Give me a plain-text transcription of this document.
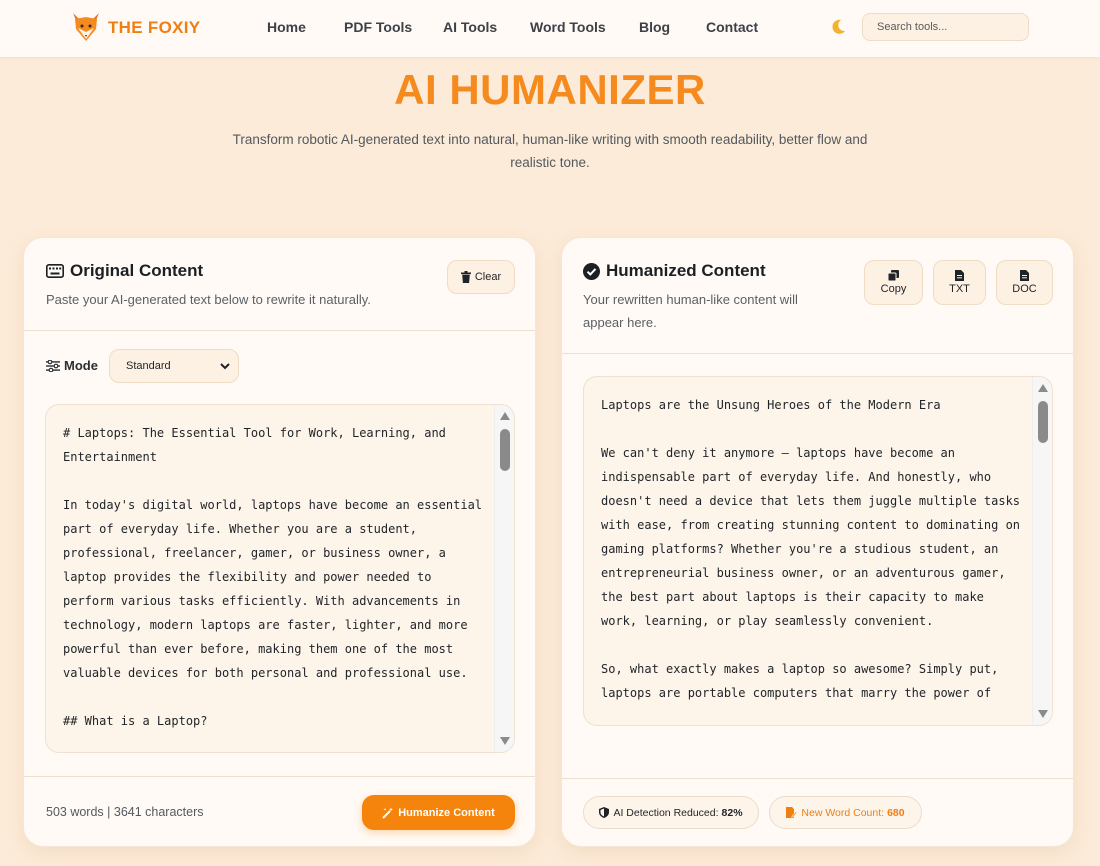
THE FOXIY	Home	PDF Tools AI Tools Word Tools Blog	Contact
Search tools...
AI HUMANIZER
Transform robotic AI-generated text into natural, human-like writing with smooth readability, better flow and realistic tone.
Original Content
Paste your AI-generated text below to rewrite it naturally.
Clear
Mode	Standard
# Laptops: The Essential Tool for Work, Learning, and Entertainment

In today's digital world, laptops have become an essential part of everyday life. Whether you are a student, professional, freelancer, gamer, or business owner, a laptop provides the flexibility and power needed to perform various tasks efficiently. With advancements in technology, modern laptops are faster, lighter, and more powerful than ever before, making them one of the most valuable devices for both personal and professional use.

## What is a Laptop?
503 words | 3641 characters	Humanize Content
Humanized Content
Your rewritten human-like content will appear here.
Copy	TXT	DOC
Laptops are the Unsung Heroes of the Modern Era

We can't deny it anymore – laptops have become an indispensable part of everyday life. And honestly, who doesn't need a device that lets them juggle multiple tasks with ease, from creating stunning content to dominating on gaming platforms? Whether you're a studious student, an entrepreneurial business owner, or an adventurous gamer, the best part about laptops is their capacity to make work, learning, or play seamlessly convenient.

So, what exactly makes a laptop so awesome? Simply put, laptops are portable computers that marry the power of
AI Detection Reduced: 82%	New Word Count: 680
